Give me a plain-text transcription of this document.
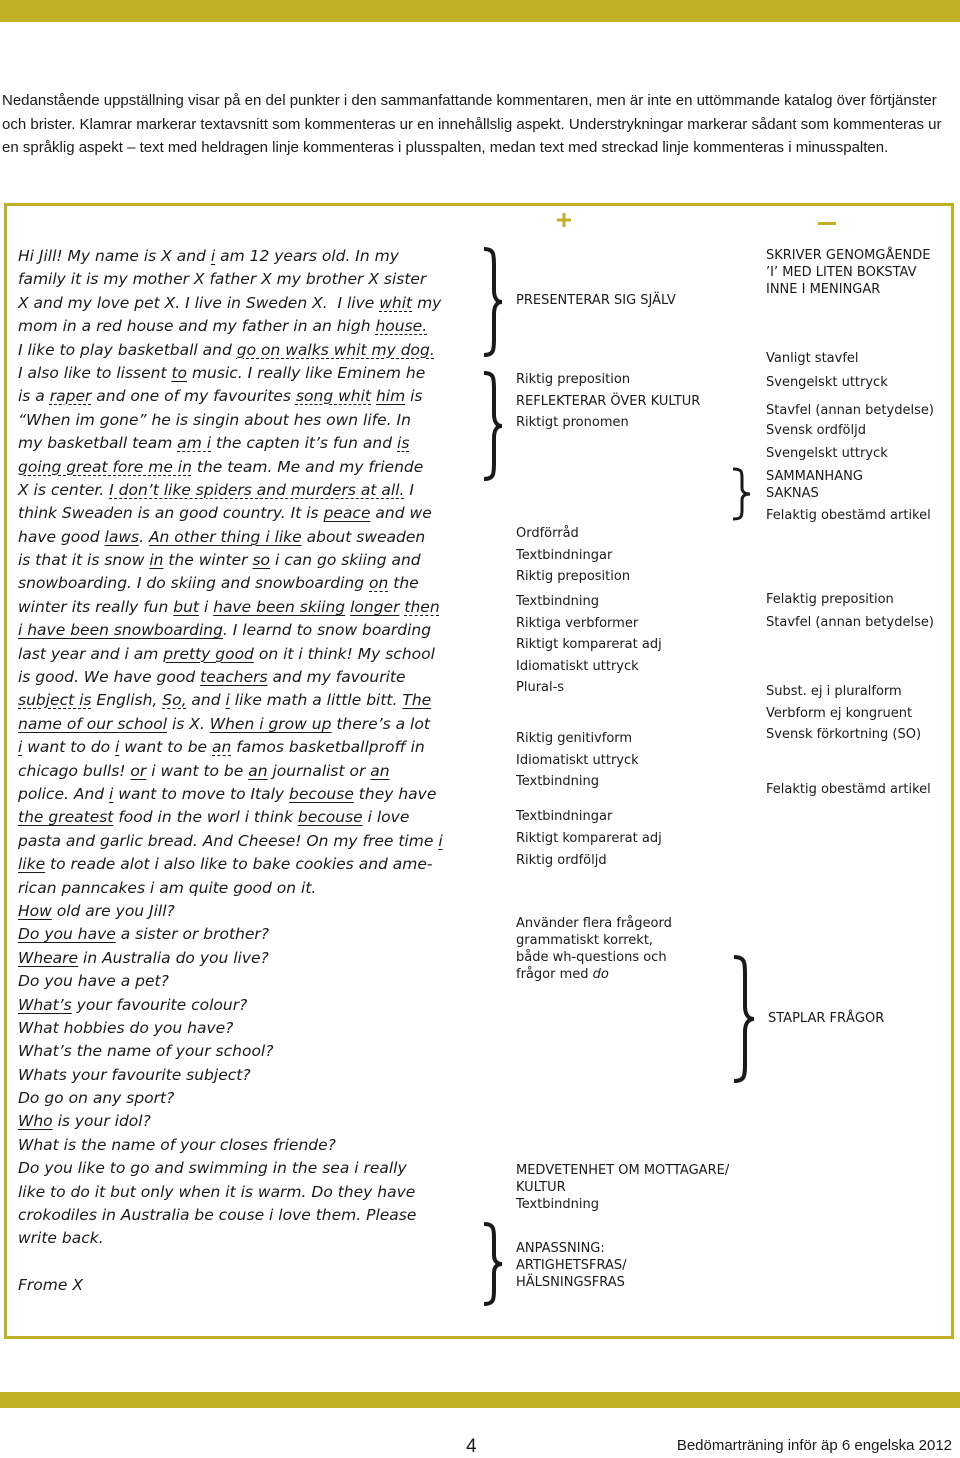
Nedanstående uppställning visar på en del punkter i den sammanfattande kommentaren, men är inte en uttömmande katalog över förtjänster och brister. Klamrar markerar textavsnitt som kommenteras ur en innehållslig aspekt. Understrykningar markerar sådant som kommenteras ur en språklig aspekt – text med heldragen linje kommenteras i plusspalten, medan text med streckad linje kommenteras i minusspalten.

Hi Jill! My name is X and i am 12 years old. In my
family it is my mother X father X my brother X sister
X and my love pet X. I live in Sweden X.  I live whit my
mom in a red house and my father in an high house.
I like to play basketball and go on walks whit my dog.
I also like to lissent to music. I really like Eminem he
is a raper and one of my favourites song whit him is
“When im gone” he is singin about hes own life. In
my basketball team am i the capten it’s fun and is
going great fore me in the team. Me and my friende
X is center. I don’t like spiders and murders at all. I
think Sweaden is an good country. It is peace and we
have good laws. An other thing i like about sweaden
is that it is snow in the winter so i can go skiing and
snowboarding. I do skiing and snowboarding on the
winter its really fun but i have been skiing longer then
i have been snowboarding. I learnd to snow boarding
last year and i am pretty good on it i think! My school
is good. We have good teachers and my favourite
subject is English, So, and i like math a little bitt. The
name of our school is X. When i grow up there’s a lot
i want to do i want to be an famos basketballproff in
chicago bulls! or i want to be an journalist or an
police. And i want to move to Italy becouse they have
the greatest food in the worl i think becouse i love
pasta and garlic bread. And Cheese! On my free time i
like to reade alot i also like to bake cookies and ame-
rican panncakes i am quite good on it.
How old are you Jill?
Do you have a sister or brother?
Wheare in Australia do you live?
Do you have a pet?
What’s your favourite colour?
What hobbies do you have?
What’s the name of your school?
Whats your favourite subject?
Do go on any sport?
Who is your idol?
What is the name of your closes friende?
Do you like to go and swimming in the sea i really
like to do it but only when it is warm. Do they have
crokodiles in Australia be couse i love them. Please
write back.
Frome X
PRESENTERAR SIG SJÄLV
Riktig preposition
REFLEKTERAR ÖVER KULTUR
Riktigt pronomen
Ordförråd
Textbindningar
Riktig preposition
Textbindning
Riktiga verbformer
Riktigt komparerat adj
Idiomatiskt uttryck
Plural-s
Riktig genitivform
Idiomatiskt uttryck
Textbindning
Textbindningar
Riktigt komparerat adj
Riktig ordföljd
Använder flera frågeord
grammatiskt korrekt,
både wh-questions och
frågor med do
MEDVETENHET OM MOTTAGARE/
KULTUR
Textbindning
ANPASSNING:
ARTIGHETSFRAS/
HÄLSNINGSFRAS
SKRIVER GENOMGÅENDE
’I’ MED LITEN BOKSTAV
INNE I MENINGAR
Vanligt stavfel
Svengelskt uttryck
Stavfel (annan betydelse)
Svensk ordföljd
Svengelskt uttryck
SAMMANHANG
SAKNAS
Felaktig obestämd artikel
Felaktig preposition
Stavfel (annan betydelse)
Subst. ej i pluralform
Verbform ej kongruent
Svensk förkortning (SO)
Felaktig obestämd artikel
STAPLAR FRÅGOR
4	Bedömarträning inför äp 6 engelska 2012
